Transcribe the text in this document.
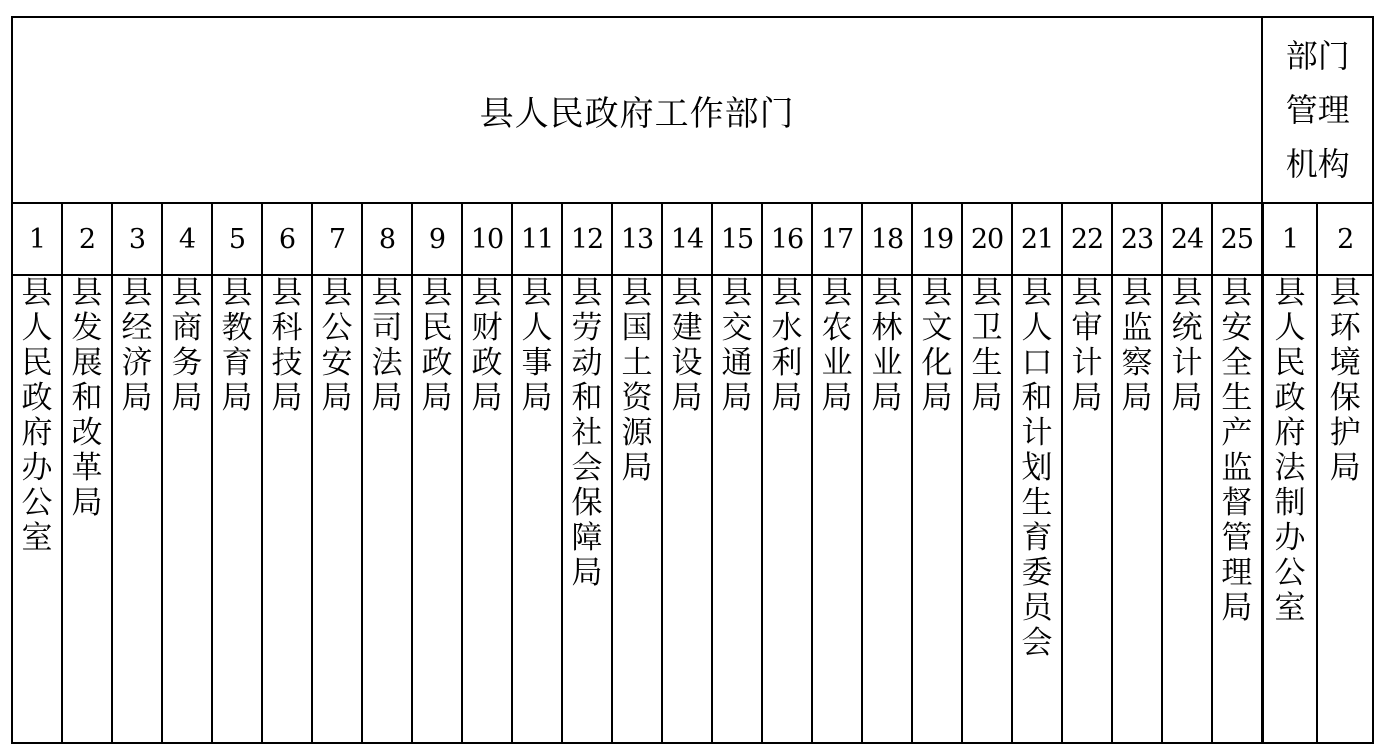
县人民政府工作部门																									部门管理机构	
1	2	3	4	5	6	7	8	9	10	11	12	13	14	15	16	17	18	19	20	21	22	23	24	25	1	2
县人民政府办公室	县发展和改革局	县经济局	县商务局	县教育局	县科技局	县公安局	县司法局	县民政局	县财政局	县人事局	县劳动和社会保障局	县国土资源局	县建设局	县交通局	县水利局	县农业局	县林业局	县文化局	县卫生局	县人口和计划生育委员会	县审计局	县监察局	县统计局	县安全生产监督管理局	县人民政府法制办公室	县环境保护局
